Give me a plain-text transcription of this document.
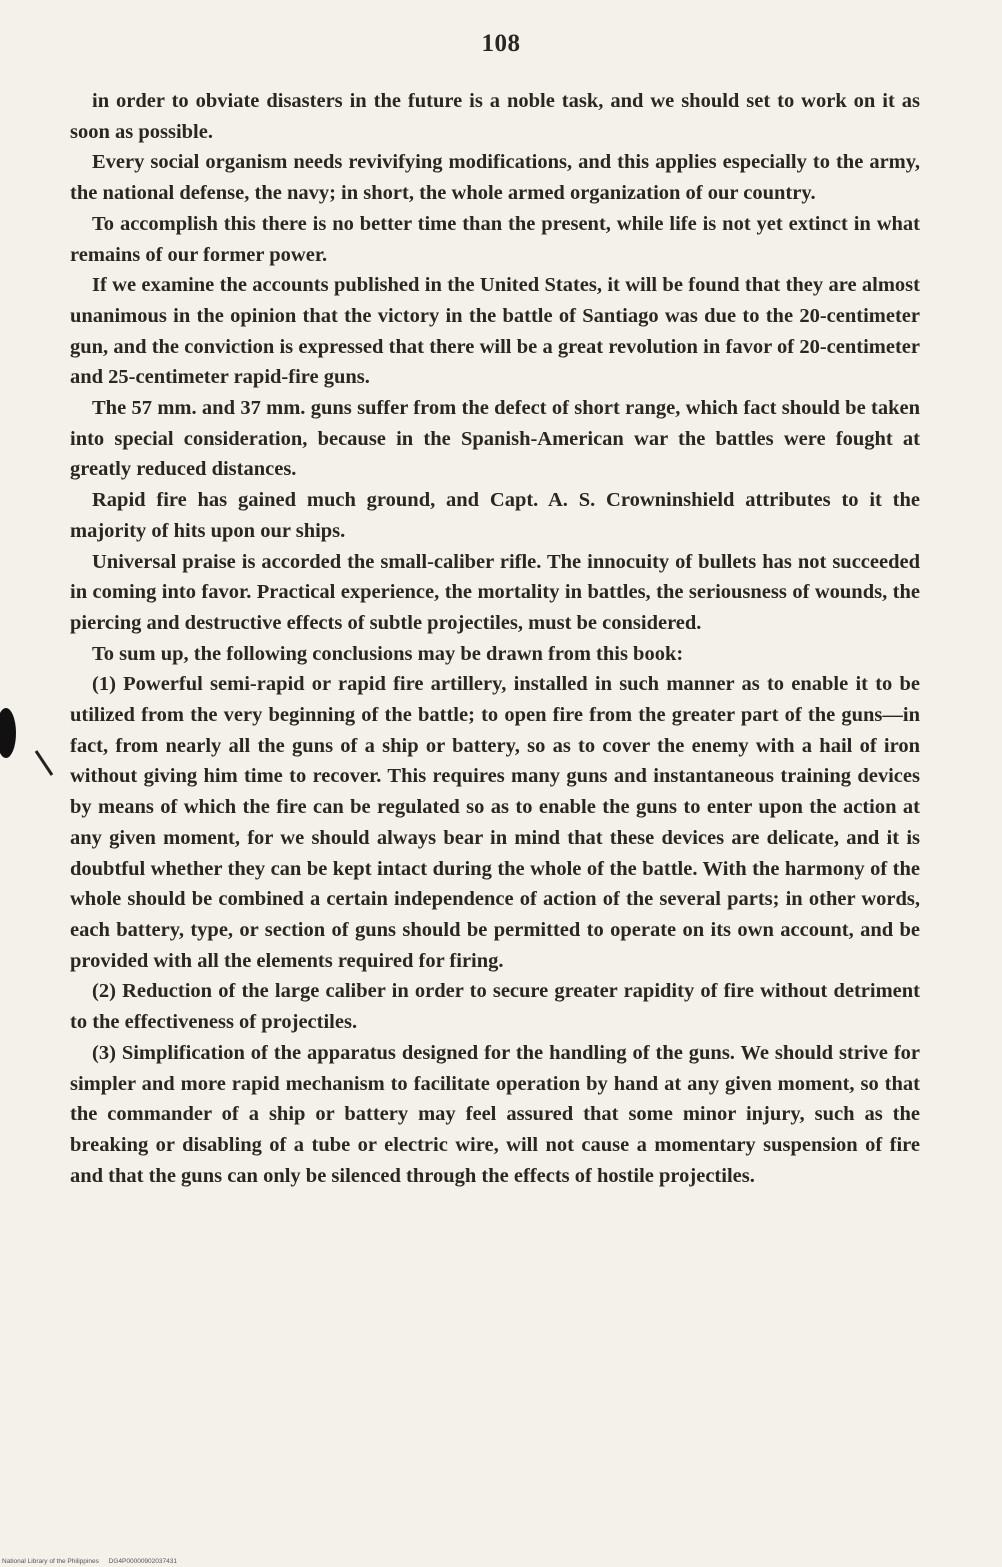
108

in order to obviate disasters in the future is a noble task, and we should set to work on it as soon as possible.

Every social organism needs revivifying modifications, and this applies especially to the army, the national defense, the navy; in short, the whole armed organization of our country.

To accomplish this there is no better time than the present, while life is not yet extinct in what remains of our former power.

If we examine the accounts published in the United States, it will be found that they are almost unanimous in the opinion that the victory in the battle of Santiago was due to the 20-centimeter gun, and the conviction is expressed that there will be a great revolution in favor of 20-centimeter and 25-centimeter rapid-fire guns.

The 57 mm. and 37 mm. guns suffer from the defect of short range, which fact should be taken into special consideration, because in the Spanish-American war the battles were fought at greatly reduced distances.

Rapid fire has gained much ground, and Capt. A. S. Crowninshield attributes to it the majority of hits upon our ships.

Universal praise is accorded the small-caliber rifle. The innocuity of bullets has not succeeded in coming into favor. Practical experience, the mortality in battles, the seriousness of wounds, the piercing and destructive effects of subtle projectiles, must be considered.

To sum up, the following conclusions may be drawn from this book:

(1) Powerful semi-rapid or rapid fire artillery, installed in such manner as to enable it to be utilized from the very beginning of the battle; to open fire from the greater part of the guns—in fact, from nearly all the guns of a ship or battery, so as to cover the enemy with a hail of iron without giving him time to recover. This requires many guns and instantaneous training devices by means of which the fire can be regulated so as to enable the guns to enter upon the action at any given moment, for we should always bear in mind that these devices are delicate, and it is doubtful whether they can be kept intact during the whole of the battle. With the harmony of the whole should be combined a certain independence of action of the several parts; in other words, each battery, type, or section of guns should be permitted to operate on its own account, and be provided with all the elements required for firing.

(2) Reduction of the large caliber in order to secure greater rapidity of fire without detriment to the effectiveness of projectiles.

(3) Simplification of the apparatus designed for the handling of the guns. We should strive for simpler and more rapid mechanism to facilitate operation by hand at any given moment, so that the commander of a ship or battery may feel assured that some minor injury, such as the breaking or disabling of a tube or electric wire, will not cause a momentary suspension of fire and that the guns can only be silenced through the effects of hostile projectiles.

National Library of the Philippines DG4P00000902037431
